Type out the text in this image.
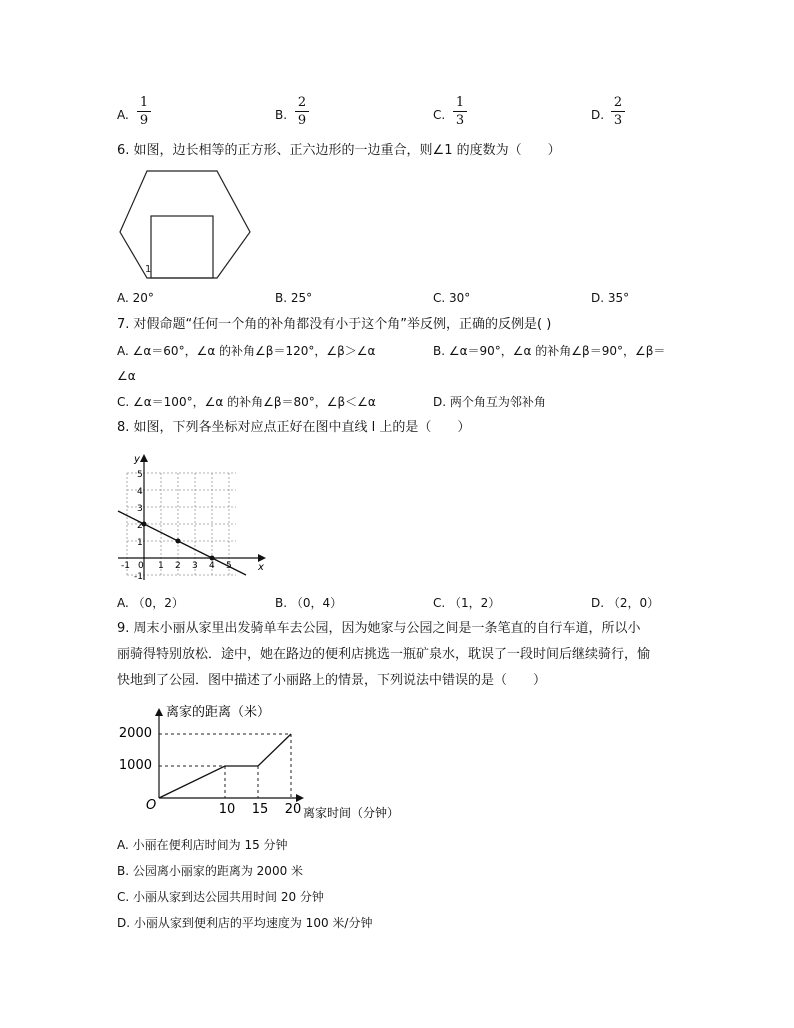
A.
1
9	B.
2
9	C.
1
3	D.
2
3
6. 如图，边长相等的正方形、正六边形的一边重合，则∠1 的度数为（　　）
1
A. 20°	B. 25°	C. 30°	D. 35°
7. 对假命题“任何一个角的补角都没有小于这个角”举反例，正确的反例是( )
A. ∠α＝60°，∠α 的补角∠β＝120°，∠β＞∠α	B. ∠α＝90°，∠α 的补角∠β＝90°，∠β＝
∠α
C. ∠α＝100°，∠α 的补角∠β＝80°，∠β＜∠α	D. 两个角互为邻补角
8. 如图，下列各坐标对应点正好在图中直线 l 上的是（　　）
y
x
5
4
3
2
1
-1
0
-1	1 2 3 4 5
A. （0，2）	B. （0，4）	C. （1，2）	D. （2，0）
9. 周末小丽从家里出发骑单车去公园，因为她家与公园之间是一条笔直的自行车道，所以小
丽骑得特别放松．途中，她在路边的便利店挑选一瓶矿泉水，耽误了一段时间后继续骑行，愉
快地到了公园．图中描述了小丽路上的情景，下列说法中错误的是（　　）
离家的距离（米）
离家时间（分钟）
O
1000
2000
10 15 20
A. 小丽在便利店时间为 15 分钟
B. 公园离小丽家的距离为 2000 米
C. 小丽从家到达公园共用时间 20 分钟
D. 小丽从家到便利店的平均速度为 100 米/分钟
